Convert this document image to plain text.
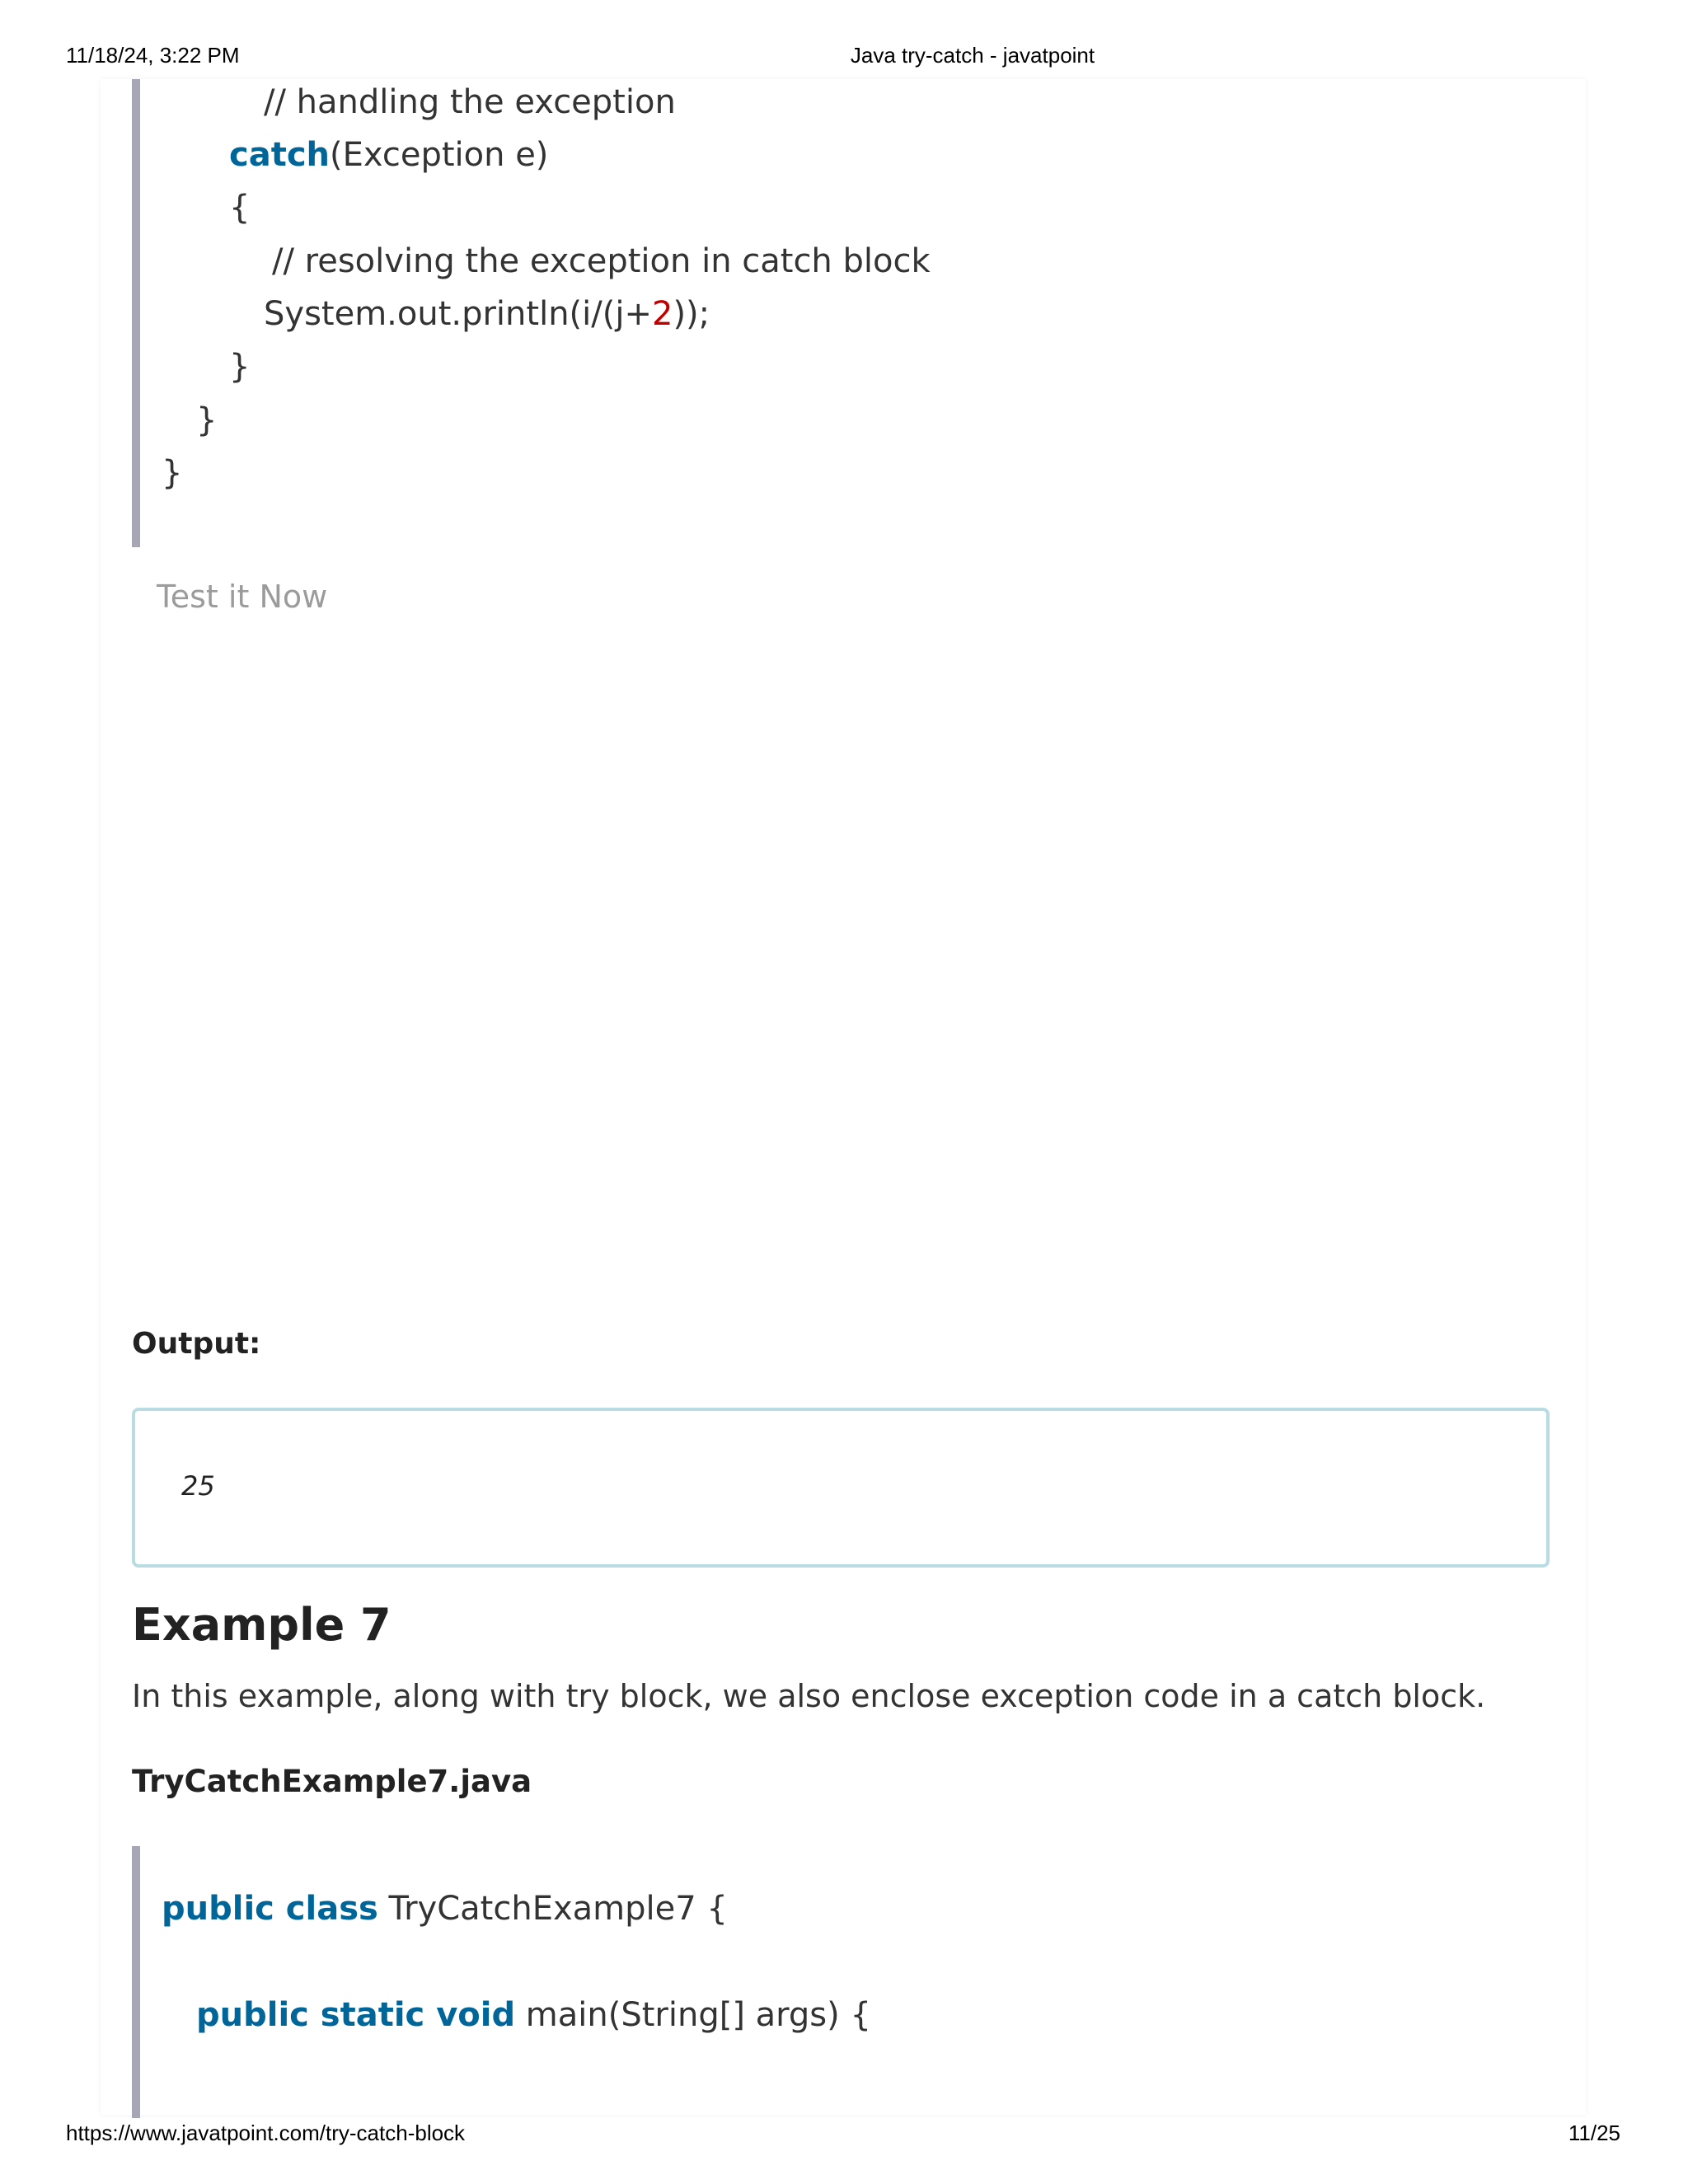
11/18/24, 3:22 PM	Java try-catch - javatpoint
// handling the exception
catch(Exception e)
{
// resolving the exception in catch block
System.out.println(i/(j+2));
}
}
}
Test it Now
Output:
25
Example 7
In this example, along with try block, we also enclose exception code in a catch block.
TryCatchExample7.java
public class TryCatchExample7 {
public static void main(String[] args) {
https://www.javatpoint.com/try-catch-block	11/25
